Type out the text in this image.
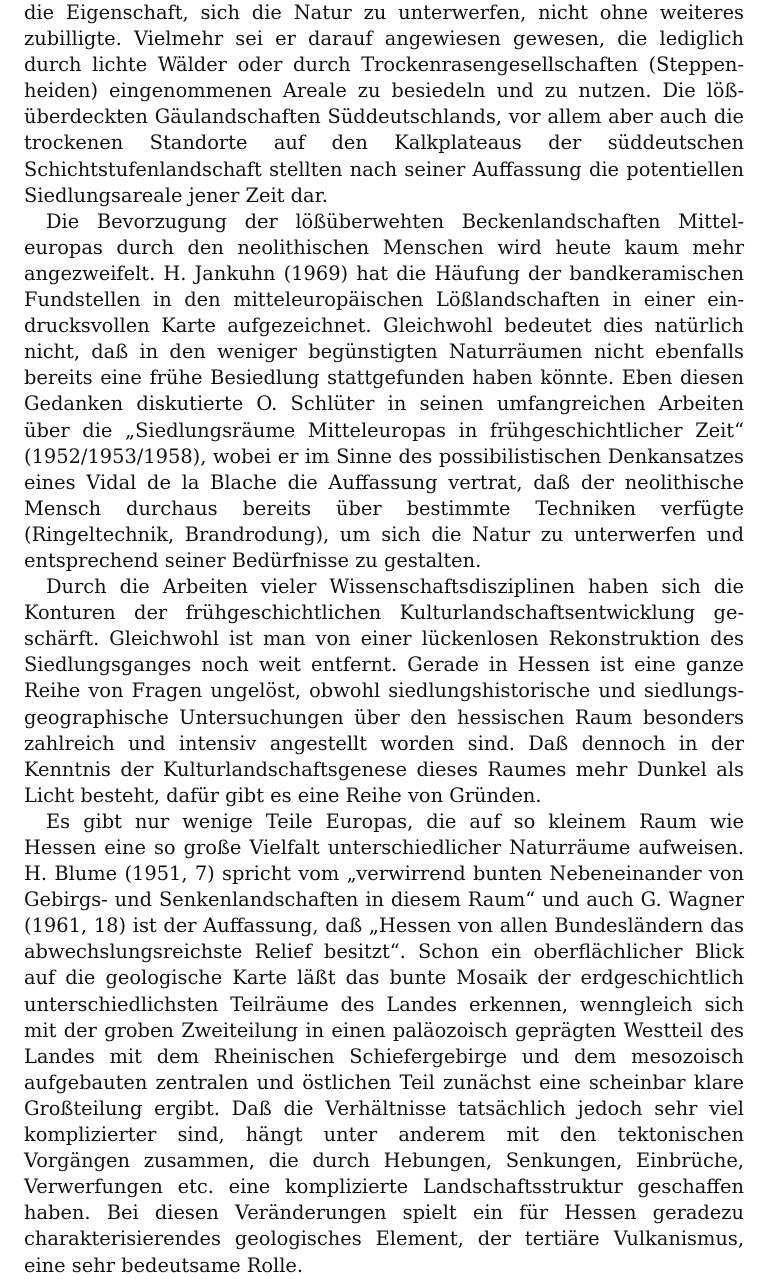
die Eigenschaft, sich die Natur zu unterwerfen, nicht ohne weiteres zubilligte. Vielmehr sei er darauf angewiesen gewesen, die lediglich durch lichte Wälder oder durch Trockenrasengesellschaften (Steppenheiden) eingenommenen Areale zu besiedeln und zu nutzen. Die lößüberdeckten Gäulandschaften Süddeutschlands, vor allem aber auch die trockenen Standorte auf den Kalkplateaus der süddeutschen Schichtstufenlandschaft stellten nach seiner Auffassung die potentiellen Siedlungsareale jener Zeit dar.

Die Bevorzugung der lößüberwehten Beckenlandschaften Mitteleuropas durch den neolithischen Menschen wird heute kaum mehr angezweifelt. H. Jankuhn (1969) hat die Häufung der bandkeramischen Fundstellen in den mitteleuropäischen Lößlandschaften in einer eindrucksvollen Karte aufgezeichnet. Gleichwohl bedeutet dies natürlich nicht, daß in den weniger begünstigten Naturräumen nicht ebenfalls bereits eine frühe Besiedlung stattgefunden haben könnte. Eben diesen Gedanken diskutierte O. Schlüter in seinen umfangreichen Arbeiten über die „Siedlungsräume Mitteleuropas in frühgeschichtlicher Zeit“ (1952/1953/1958), wobei er im Sinne des possibilistischen Denkansatzes eines Vidal de la Blache die Auffassung vertrat, daß der neolithische Mensch durchaus bereits über bestimmte Techniken verfügte (Ringeltechnik, Brandrodung), um sich die Natur zu unterwerfen und entsprechend seiner Bedürfnisse zu gestalten.

Durch die Arbeiten vieler Wissenschaftsdisziplinen haben sich die Konturen der frühgeschichtlichen Kulturlandschaftsentwicklung geschärft. Gleichwohl ist man von einer lückenlosen Rekonstruktion des Siedlungsganges noch weit entfernt. Gerade in Hessen ist eine ganze Reihe von Fragen ungelöst, obwohl siedlungshistorische und siedlungsgeographische Untersuchungen über den hessischen Raum besonders zahlreich und intensiv angestellt worden sind. Daß dennoch in der Kenntnis der Kulturlandschaftsgenese dieses Raumes mehr Dunkel als Licht besteht, dafür gibt es eine Reihe von Gründen.

Es gibt nur wenige Teile Europas, die auf so kleinem Raum wie Hessen eine so große Vielfalt unterschiedlicher Naturräume aufweisen. H. Blume (1951, 7) spricht vom „verwirrend bunten Nebeneinander von Gebirgs- und Senkenlandschaften in diesem Raum“ und auch G. Wagner (1961, 18) ist der Auffassung, daß „Hessen von allen Bundesländern das abwechslungsreichste Relief besitzt“. Schon ein oberflächlicher Blick auf die geologische Karte läßt das bunte Mosaik der erdgeschichtlich unterschiedlichsten Teilräume des Landes erkennen, wenngleich sich mit der groben Zweiteilung in einen paläozoisch geprägten Westteil des Landes mit dem Rheinischen Schiefergebirge und dem mesozoisch aufgebauten zentralen und östlichen Teil zunächst eine scheinbar klare Großteilung ergibt. Daß die Verhältnisse tatsächlich jedoch sehr viel komplizierter sind, hängt unter anderem mit den tektonischen Vorgängen zusammen, die durch Hebungen, Senkungen, Einbrüche, Verwerfungen etc. eine komplizierte Landschaftsstruktur geschaffen haben. Bei diesen Veränderungen spielt ein für Hessen geradezu charakterisierendes geologisches Element, der tertiäre Vulkanismus, eine sehr bedeutsame Rolle.
